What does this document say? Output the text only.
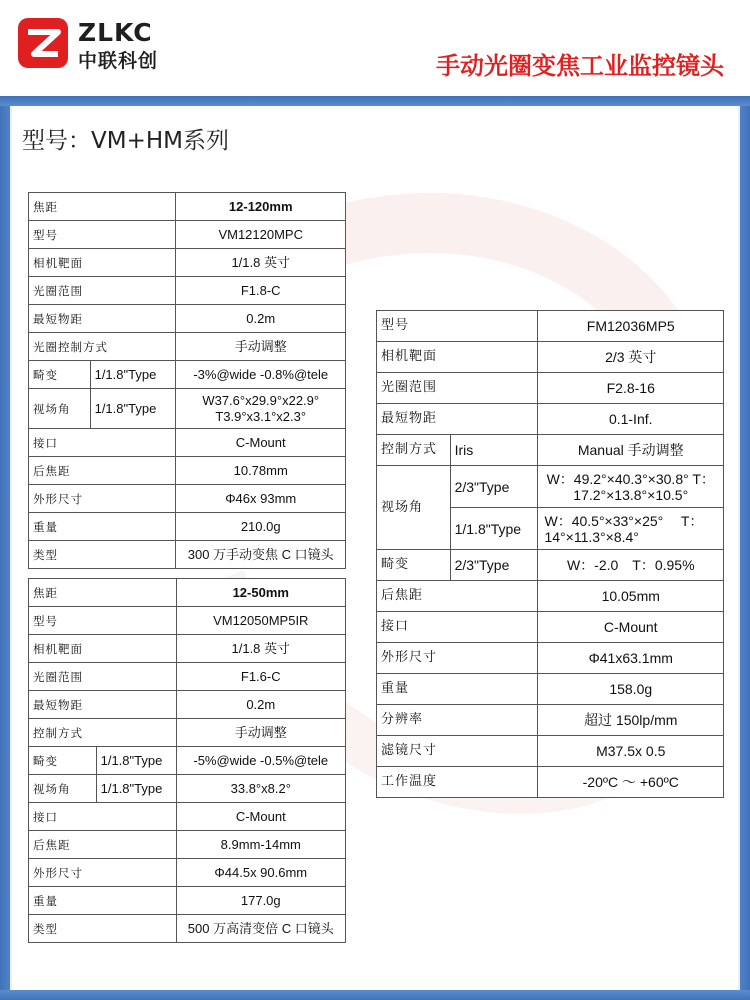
ZLKC
中联科创	手动光圈变焦工业监控镜头
型号：VM+HM系列
焦距		12-120mm
型号		VM12120MPC
相机靶面		1/1.8 英寸
光圈范围		F1.8-C
最短物距		0.2m
光圈控制方式		手动调整
畸变	1/1.8"Type	-3%@wide -0.8%@tele
视场角	1/1.8"Type	W37.6°x29.9°x22.9°
T3.9°x3.1°x2.3°

接口		C-Mount
后焦距		10.78mm
外形尺寸		Φ46x 93mm
重量		210.0g
类型		300 万手动变焦 C 口镜头
焦距		12-50mm
型号		VM12050MP5IR
相机靶面		1/1.8 英寸
光圈范围		F1.6-C
最短物距		0.2m
控制方式		手动调整
畸变	1/1.8"Type	-5%@wide -0.5%@tele
视场角	1/1.8"Type	33.8°x8.2°
接口		C-Mount
后焦距		8.9mm-14mm
外形尺寸		Φ44.5x 90.6mm
重量		177.0g
类型		500 万高清变倍 C 口镜头
型号		FM12036MP5
相机靶面		2/3 英寸
光圈范围		F2.8-16
最短物距		0.1-Inf.
控制方式	Iris	Manual 手动调整
视场角	2/3"Type	W：49.2°×40.3°×30.8° T：17.2°×13.8°×10.5°
	1/1.8"Type	W：40.5°×33°×25°　 T：14°×11.3°×8.4°
畸变	2/3"Type	W：-2.0　T：0.95%
后焦距		10.05mm
接口		C-Mount
外形尺寸		Φ41x63.1mm
重量		158.0g
分辨率		超过 150lp/mm
滤镜尺寸		M37.5x 0.5
工作温度		-20ºC ～ +60ºC
